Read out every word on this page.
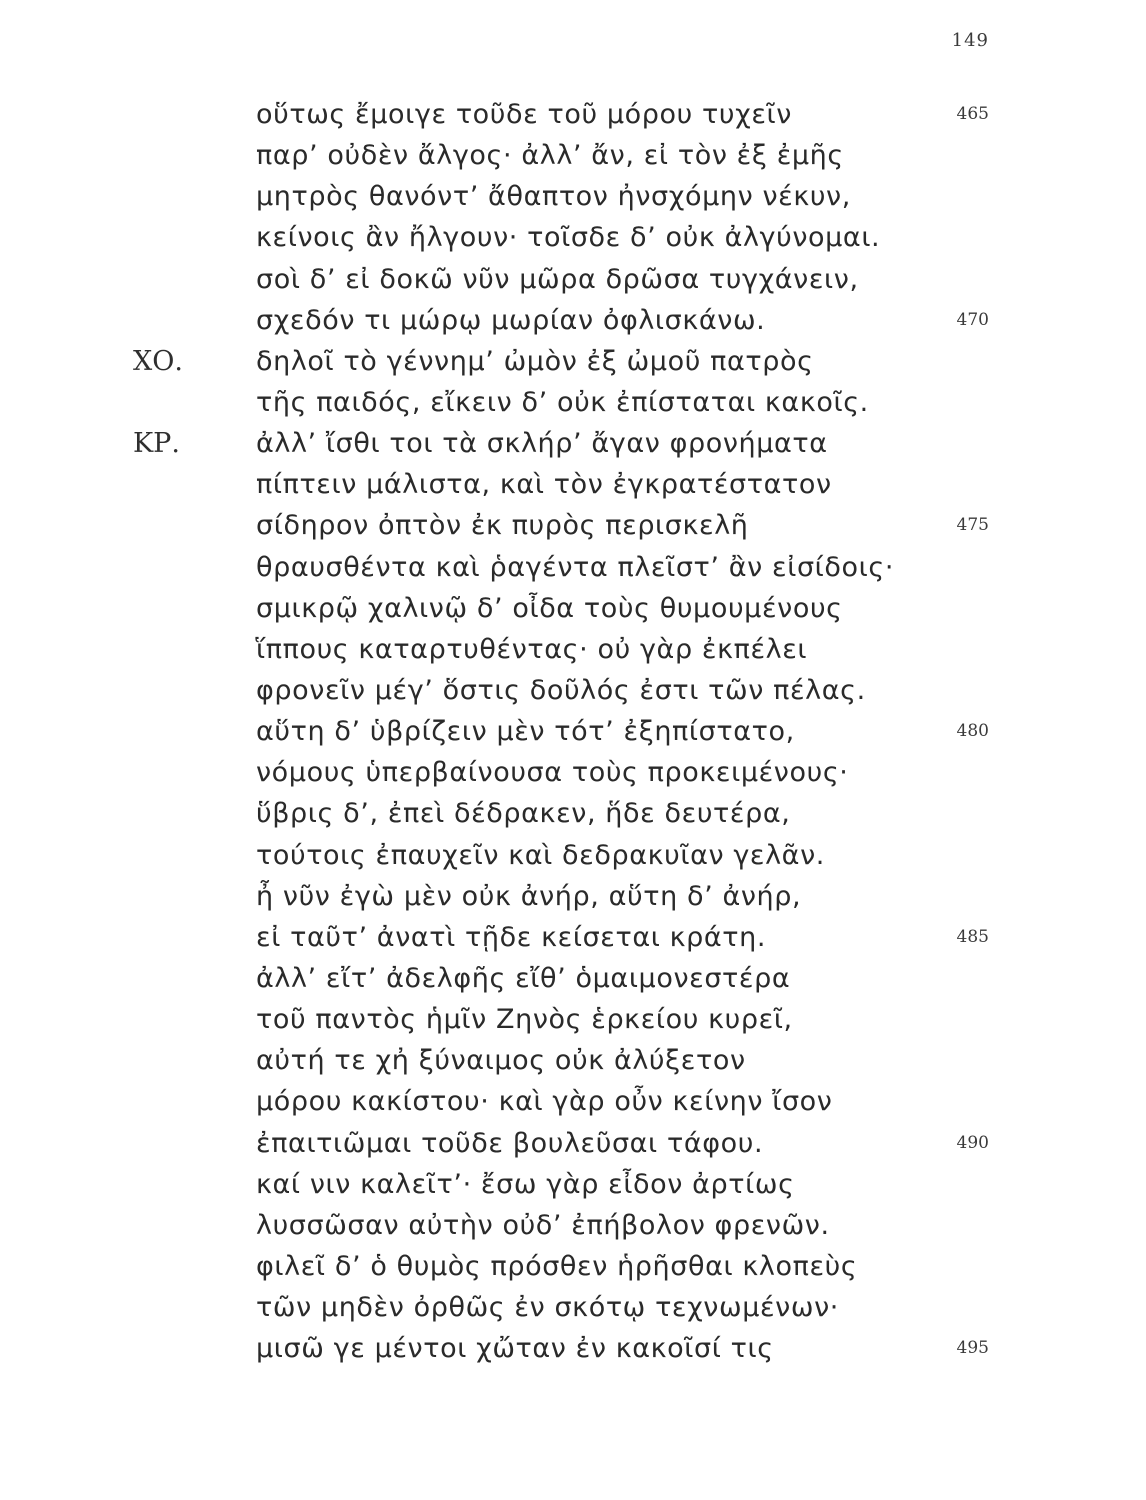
149
οὕτως ἔμοιγε τοῦδε τοῦ μόρου τυχεῖν	465
παρ’ οὐδὲν ἄλγος· ἀλλ’ ἄν, εἰ τὸν ἐξ ἐμῆς
μητρὸς θανόντ’ ἄθαπτον ἠνσχόμην νέκυν,
κείνοις ἂν ἤλγουν· τοῖσδε δ’ οὐκ ἀλγύνομαι.
σοὶ δ’ εἰ δοκῶ νῦν μῶρα δρῶσα τυγχάνειν,
σχεδόν τι μώρῳ μωρίαν ὀφλισκάνω.	470
ΧΟ.	δηλοῖ τὸ γέννημ’ ὠμὸν ἐξ ὠμοῦ πατρὸς
τῆς παιδός, εἴκειν δ’ οὐκ ἐπίσταται κακοῖς.
ΚΡ.	ἀλλ’ ἴσθι τοι τὰ σκλήρ’ ἄγαν φρονήματα
πίπτειν μάλιστα, καὶ τὸν ἐγκρατέστατον
σίδηρον ὀπτὸν ἐκ πυρὸς περισκελῆ	475
θραυσθέντα καὶ ῥαγέντα πλεῖστ’ ἂν εἰσίδοις·
σμικρῷ χαλινῷ δ’ οἶδα τοὺς θυμουμένους
ἵππους καταρτυθέντας· οὐ γὰρ ἐκπέλει
φρονεῖν μέγ’ ὅστις δοῦλός ἐστι τῶν πέλας.
αὕτη δ’ ὑβρίζειν μὲν τότ’ ἐξηπίστατο,	480
νόμους ὑπερβαίνουσα τοὺς προκειμένους·
ὕβρις δ’, ἐπεὶ δέδρακεν, ἥδε δευτέρα,
τούτοις ἐπαυχεῖν καὶ δεδρακυῖαν γελᾶν.
ἦ νῦν ἐγὼ μὲν οὐκ ἀνήρ, αὕτη δ’ ἀνήρ,
εἰ ταῦτ’ ἀνατὶ τῇδε κείσεται κράτη.	485
ἀλλ’ εἴτ’ ἀδελφῆς εἴθ’ ὁμαιμονεστέρα
τοῦ παντὸς ἡμῖν Ζηνὸς ἑρκείου κυρεῖ,
αὐτή τε χἠ ξύναιμος οὐκ ἀλύξετον
μόρου κακίστου· καὶ γὰρ οὖν κείνην ἴσον
ἐπαιτιῶμαι τοῦδε βουλεῦσαι τάφου.	490
καί νιν καλεῖτ’· ἔσω γὰρ εἶδον ἀρτίως
λυσσῶσαν αὐτὴν οὐδ’ ἐπήβολον φρενῶν.
φιλεῖ δ’ ὁ θυμὸς πρόσθεν ἡρῆσθαι κλοπεὺς
τῶν μηδὲν ὀρθῶς ἐν σκότῳ τεχνωμένων·
μισῶ γε μέντοι χὤταν ἐν κακοῖσί τις	495
